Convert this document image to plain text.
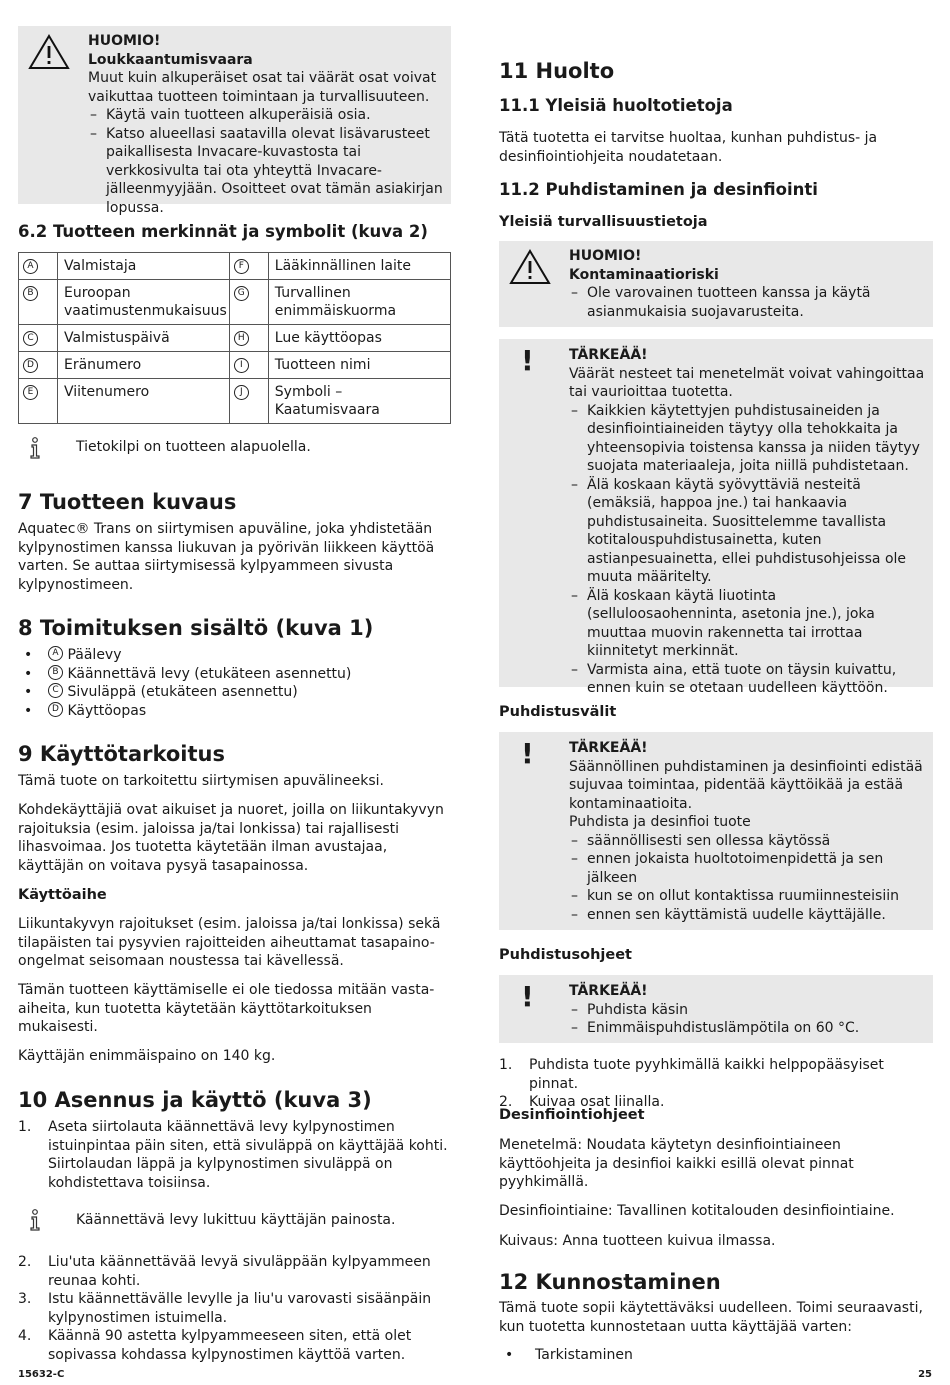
HUOMIO!
Loukkaantumisvaara
Muut kuin alkuperäiset osat tai väärät osat voivat vaikuttaa tuotteen toimintaan ja turvallisuuteen.
– Käytä vain tuotteen alkuperäisiä osia.
– Katso alueellasi saatavilla olevat lisävarusteet paikallisesta Invacare-kuvastosta tai verkkosivulta tai ota yhteyttä Invacare-jälleenmyyjään. Osoitteet ovat tämän asiakirjan lopussa.
6.2 Tuotteen merkinnät ja symbolit (kuva 2)
A	Valmistaja	F	Lääkinnällinen laite
B	Euroopan vaatimustenmukaisuus	G	Turvallinen enimmäiskuormа
C	Valmistuspäivä	H	Lue käyttöopas
D	Eränumero	I	Tuotteen nimi
E	Viitenumero	J	Symboli – Kaatumisvaara
Tietokilpi on tuotteen alapuolella.
7 Tuotteen kuvaus

Aquatec® Trans on siirtymisen apuväline, joka yhdistetään kylpynostimen kanssa liukuvan ja pyörivän liikkeen käyttöä varten. Se auttaa siirtymisessä kylpyammeen sivusta kylpynostimeen.

8 Toimituksen sisältö (kuva 1)
•	A
Päälevy
•	B
Käännettävä levy (etukäteen asennettu)
•	C
Sivuläppä (etukäteen asennettu)
•	D
Käyttöopas
9 Käyttötarkoitus

Tämä tuote on tarkoitettu siirtymisen apuvälineeksi.

Kohdekäyttäjiä ovat aikuiset ja nuoret, joilla on liikuntakyvyn rajoituksia (esim. jaloissa ja/tai lonkissa) tai rajallisesti lihasvoimaa. Jos tuotetta käytetään ilman avustajaa, käyttäjän on voitava pysyä tasapainossa.

Käyttöaihe

Liikuntakyvyn rajoitukset (esim. jaloissa ja/tai lonkissa) sekä tilapäisten tai pysyvien rajoitteiden aiheuttamat tasapaino-ongelmat seisomaan noustessa tai kävellessä.

Tämän tuotteen käyttämiselle ei ole tiedossa mitään vasta-aiheita, kun tuotetta käytetään käyttötarkoituksen mukaisesti.

Käyttäjän enimmäispaino on 140 kg.

10 Asennus ja käyttö (kuva 3)
1.	Aseta siirtolauta käännettävä levy kylpynostimen istuinpintaa päin siten, että sivuläppä on käyttäjää kohti. Siirtolaudan läppä ja kylpynostimen sivuläppä on kohdistettava toisiinsa.
Käännettävä levy lukittuu käyttäjän painosta.
2.	Liu'uta käännettävää levyä sivuläppään kylpyammeen reunaa kohti.
3.	Istu käännettävälle levylle ja liu'u varovasti sisäänpäin kylpynostimen istuimella.
4.	Käännä 90 astetta kylpyammeeseen siten, että olet sopivassa kohdassa kylpynostimen käyttöä varten.
11 Huolto
11.1 Yleisiä huoltotietoja

Tätä tuotetta ei tarvitse huoltaa, kunhan puhdistus- ja desinfiointiohjeita noudatetaan.

11.2 Puhdistaminen ja desinfiointi
Yleisiä turvallisuustietoja
HUOMIO!
Kontaminaatioriski
– Ole varovainen tuotteen kanssa ja käytä asianmukaisia suojavarusteita.
!	TÄRKEÄÄ!
Väärät nesteet tai menetelmät voivat vahingoittaa tai vaurioittaa tuotetta.
– Kaikkien käytettyjen puhdistusaineiden ja desinfiointiaineiden täytyy olla tehokkaita ja yhteensopivia toistensa kanssa ja niiden täytyy suojata materiaaleja, joita niillä puhdistetaan.
– Älä koskaan käytä syövyttäviä nesteitä (emäksiä, happoa jne.) tai hankaavia puhdistusaineita. Suosittelemme tavallista kotitalouspuhdistusainetta, kuten astianpesuainetta, ellei puhdistusohjeissa ole muuta määritelty.
– Älä koskaan käytä liuotinta (selluloosaohenninta, asetonia jne.), joka muuttaa muovin rakennetta tai irrottaa kiinnitetyt merkinnät.
– Varmista aina, että tuote on täysin kuivattu, ennen kuin se otetaan uudelleen käyttöön.
Puhdistusvälit
!	TÄRKEÄÄ!
Säännöllinen puhdistaminen ja desinfiointi edistää sujuvaa toimintaa, pidentää käyttöikää ja estää kontaminaatioita.
Puhdista ja desinfioi tuote
– säännöllisesti sen ollessa käytössä
– ennen jokaista huoltotoimenpidettä ja sen jälkeen
– kun se on ollut kontaktissa ruumiinnesteisiin
– ennen sen käyttämistä uudelle käyttäjälle.
Puhdistusohjeet
!	TÄRKEÄÄ!
– Puhdista käsin
– Enimmäispuhdistuslämpötila on 60 °C.
1.	Puhdista tuote pyyhkimällä kaikki helppopääsyiset pinnat.
2.	Kuivaa osat liinalla.
Desinfiointiohjeet

Menetelmä: Noudata käytetyn desinfiointiaineen käyttöohjeita ja desinfioi kaikki esillä olevat pinnat pyyhkimällä.

Desinfiointiaine: Tavallinen kotitalouden desinfiointiaine.

Kuivaus: Anna tuotteen kuivua ilmassa.

12 Kunnostaminen

Tämä tuote sopii käytettäväksi uudelleen. Toimi seuraavasti, kun tuotetta kunnostetaan uutta käyttäjää varten:

•	Tarkistaminen
15632-C	25
